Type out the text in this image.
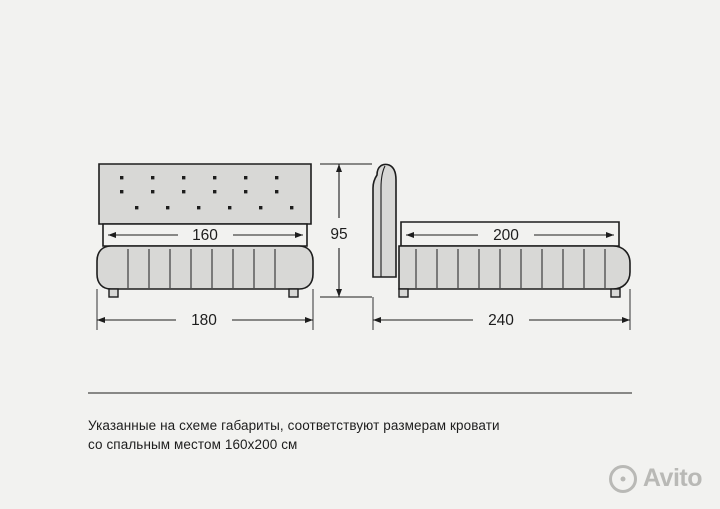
160
180
95	200
240
Указанные на схеме габариты, соответствуют размерам кровати
со спальным местом 160х200 см
Avito
